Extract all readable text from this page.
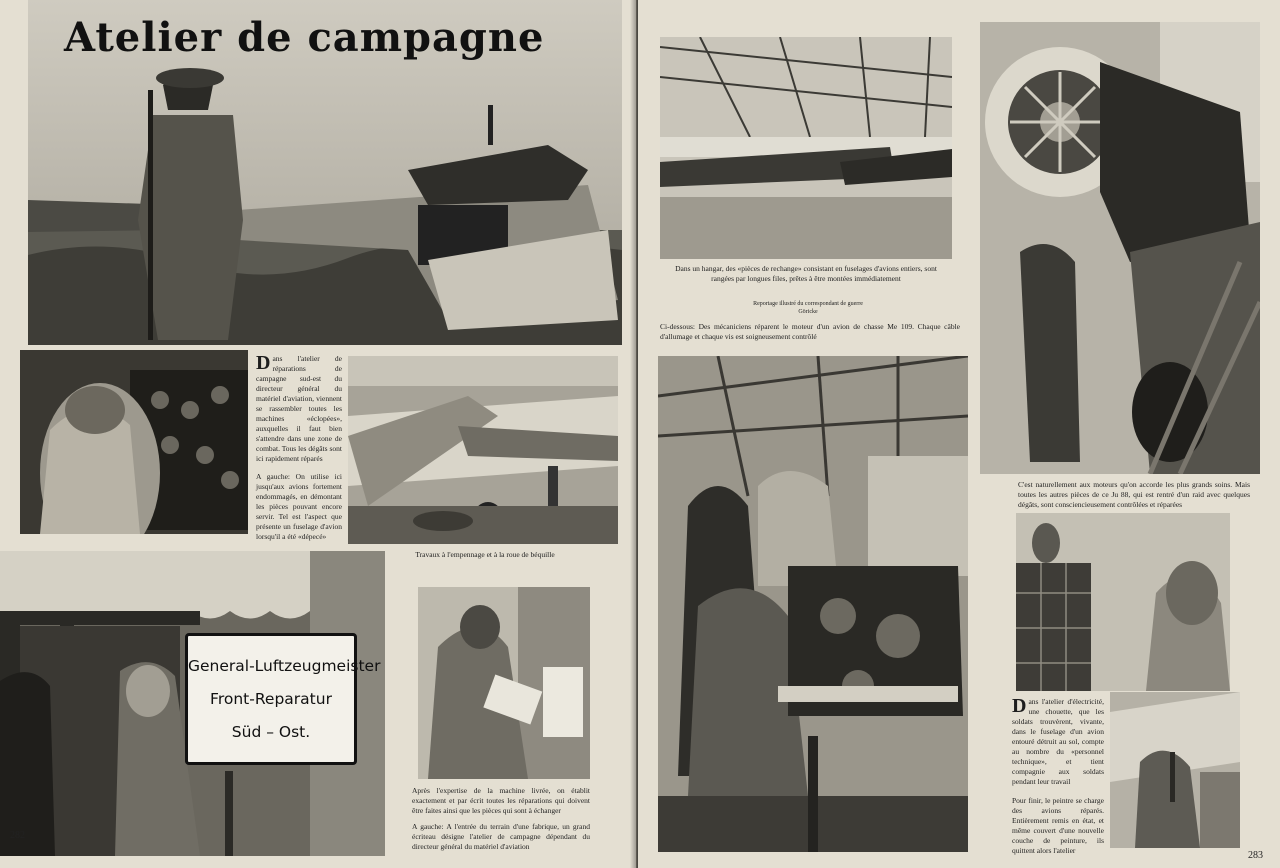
Atelier de campagne
Dans l'atelier de réparations de campagne sud-est du directeur général du matériel d'aviation, viennent se rassembler toutes les machines «éclopées», auxquelles il faut bien s'attendre dans une zone de combat. Tous les dégâts sont ici rapidement réparés
A gauche: On utilise ici jusqu'aux avions fortement endommagés, en démontant les pièces pouvant encore servir. Tel est l'aspect que présente un fuselage d'avion lorsqu'il a été «dépecé»
Travaux à l'empennage et à la roue de béquille
General-Luftzeugmeister
Front-Reparatur
Süd – Ost.
282
Après l'expertise de la machine livrée, on établit exactement et par écrit toutes les réparations qui doivent être faites ainsi que les pièces qui sont à échanger
A gauche: A l'entrée du terrain d'une fabrique, un grand écriteau désigne l'atelier de campagne dépendant du directeur général du matériel d'aviation
Dans un hangar, des «pièces de rechange» consistant en fuselages d'avions entiers, sont rangées par longues files, prêtes à être montées immédiatement
Reportage illustré du correspondant de guerre Göricke
Ci-dessous: Des mécaniciens réparent le moteur d'un avion de chasse Me 109. Chaque câble d'allumage et chaque vis est soigneusement contrôlé
C'est naturellement aux moteurs qu'on accorde les plus grands soins. Mais toutes les autres pièces de ce Ju 88, qui est rentré d'un raid avec quelques dégâts, sont consciencieusement contrôlées et réparées
Dans l'atelier d'électricité, une chouette, que les soldats trouvèrent, vivante, dans le fuselage d'un avion entouré détruit au sol, compte au nombre du «personnel technique», et tient compagnie aux soldats pendant leur travail
Pour finir, le peintre se charge des avions réparés. Entièrement remis en état, et même couvert d'une nouvelle couche de peinture, ils quittent alors l'atelier	283
